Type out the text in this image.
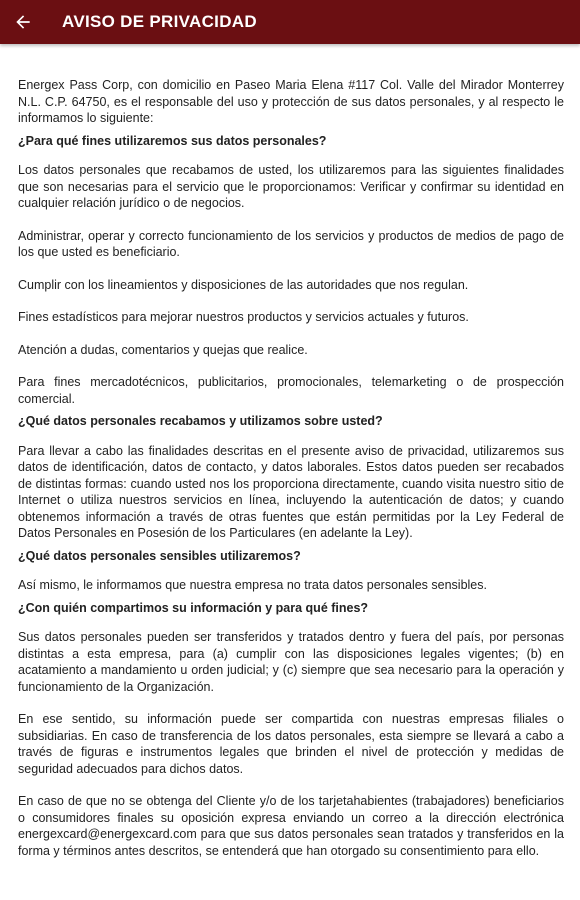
AVISO DE PRIVACIDAD

Energex Pass Corp, con domicilio en Paseo Maria Elena #117 Col. Valle del Mirador Monterrey N.L. C.P. 64750, es el responsable del uso y protección de sus datos personales, y al respecto le informamos lo siguiente:

¿Para qué fines utilizaremos sus datos personales?

Los datos personales que recabamos de usted, los utilizaremos para las siguientes finalidades que son necesarias para el servicio que le proporcionamos: Verificar y confirmar su identidad en cualquier relación jurídico o de negocios.

Administrar, operar y correcto funcionamiento de los servicios y productos de medios de pago de los que usted es beneficiario.

Cumplir con los lineamientos y disposiciones de las autoridades que nos regulan.

Fines estadísticos para mejorar nuestros productos y servicios actuales y futuros.

Atención a dudas, comentarios y quejas que realice.

Para fines mercadotécnicos, publicitarios, promocionales, telemarketing o de prospección comercial.

¿Qué datos personales recabamos y utilizamos sobre usted?

Para llevar a cabo las finalidades descritas en el presente aviso de privacidad, utilizaremos sus datos de identificación, datos de contacto, y datos laborales. Estos datos pueden ser recabados de distintas formas: cuando usted nos los proporciona directamente, cuando visita nuestro sitio de Internet o utiliza nuestros servicios en línea, incluyendo la autenticación de datos; y cuando obtenemos información a través de otras fuentes que están permitidas por la Ley Federal de Datos Personales en Posesión de los Particulares (en adelante la Ley).

¿Qué datos personales sensibles utilizaremos?

Así mismo, le informamos que nuestra empresa no trata datos personales sensibles.

¿Con quién compartimos su información y para qué fines?

Sus datos personales pueden ser transferidos y tratados dentro y fuera del país, por personas distintas a esta empresa, para (a) cumplir con las disposiciones legales vigentes; (b) en acatamiento a mandamiento u orden judicial; y (c) siempre que sea necesario para la operación y funcionamiento de la Organización.

En ese sentido, su información puede ser compartida con nuestras empresas filiales o subsidiarias. En caso de transferencia de los datos personales, esta siempre se llevará a cabo a través de figuras e instrumentos legales que brinden el nivel de protección y medidas de seguridad adecuados para dichos datos.

En caso de que no se obtenga del Cliente y/o de los tarjetahabientes (trabajadores) beneficiarios o consumidores finales su oposición expresa enviando un correo a la dirección electrónica energexcard@energexcard.com para que sus datos personales sean tratados y transferidos en la forma y términos antes descritos, se entenderá que han otorgado su consentimiento para ello.
